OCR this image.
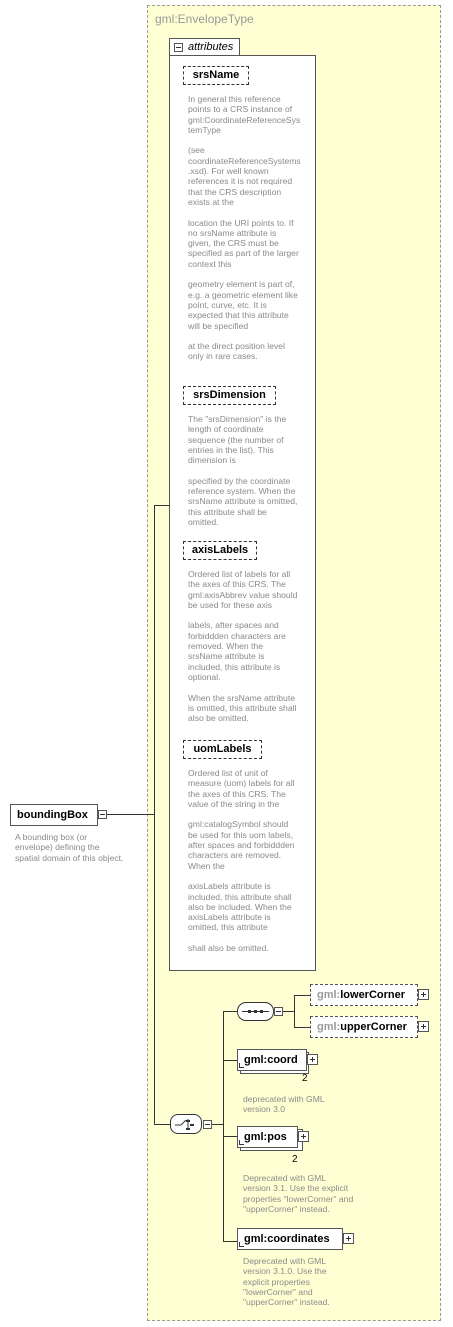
gml:EnvelopeType
attributes
srsName
In general this reference
points to a CRS instance of
gml:CoordinateReferenceSys
temType
(see
coordinateReferenceSystems
.xsd). For well known
references it is not required
that the CRS description
exists at the
location the URI points to. If
no srsName attribute is
given, the CRS must be
specified as part of the larger
context this
geometry element is part of,
e.g. a geometric element like
point, curve, etc. It is
expected that this attribute
will be specified
at the direct position level
only in rare cases.
srsDimension
The "srsDimension" is the
length of coordinate
sequence (the number of
entries in the list). This
dimension is
specified by the coordinate
reference system. When the
srsName attribute is omitted,
this attribute shall be
omitted.
axisLabels
Ordered list of labels for all
the axes of this CRS. The
gml:axisAbbrev value should
be used for these axis
labels, after spaces and
forbiddden characters are
removed. When the
srsName attribute is
included, this attribute is
optional.
When the srsName attribute
is omitted, this attribute shall
also be omitted.
uomLabels
Ordered list of unit of
measure (uom) labels for all
the axes of this CRS. The
value of the string in the
gml:catalogSymbol should
be used for this uom labels,
after spaces and forbiddden
characters are removed.
When the
axisLabels attribute is
included, this attribute shall
also be included. When the
axisLabels attribute is
omitted, this attribute
shall also be omitted.
boundingBox
A bounding box (or
envelope) defining the
spatial domain of this object.
gml:lowerCorner
gml:upperCorner
gml:coord
2
deprecated with GML
version 3.0
gml:pos
2
Deprecated with GML
version 3.1. Use the explicit
properties "lowerCorner" and
"upperCorner" instead.
gml:coordinates
Deprecated with GML
version 3.1.0. Use the
explicit properties
"lowerCorner" and
"upperCorner" instead.
